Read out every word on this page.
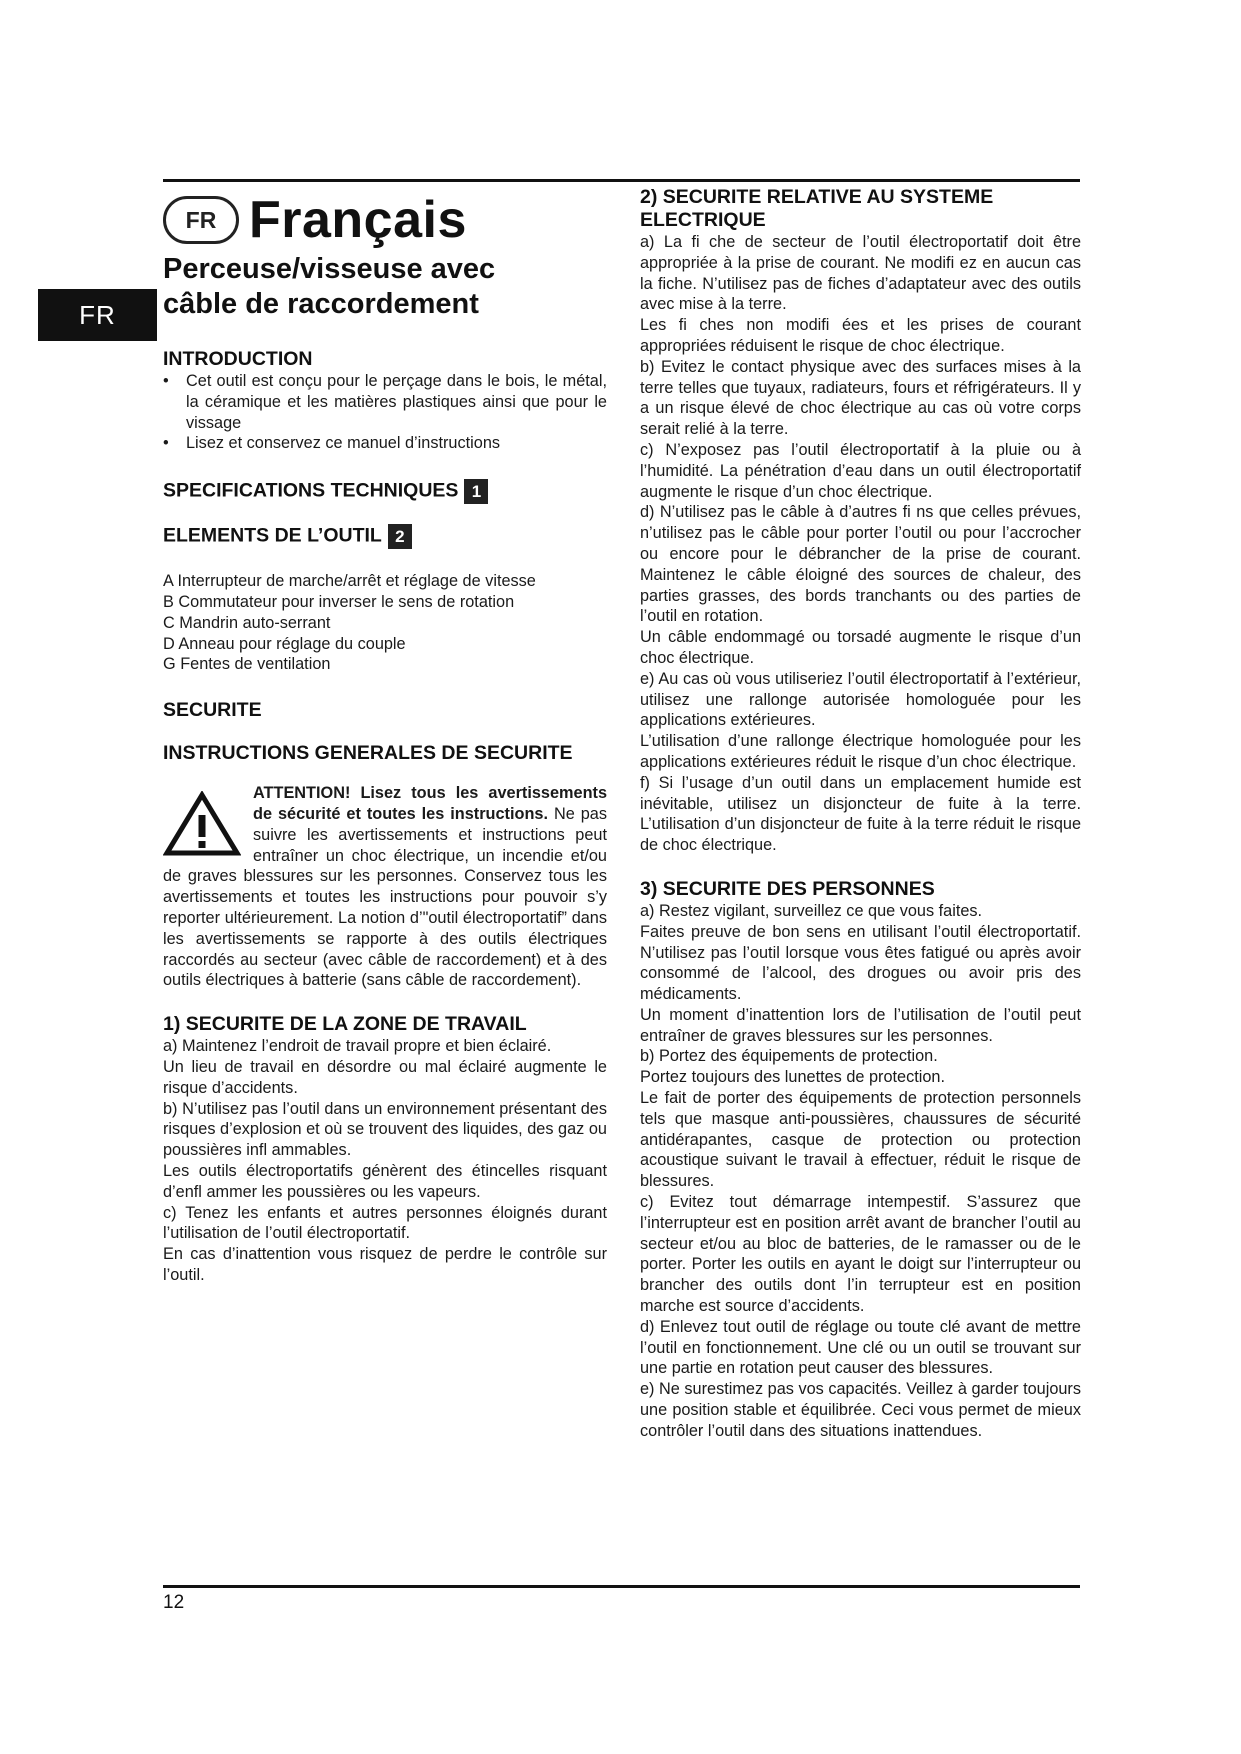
FR
FR Français

Perceuse/visseuse avec

câble de raccordement

INTRODUCTION

• Cet outil est conçu pour le perçage dans le bois, le métal, la céramique et les matières plastiques ainsi que pour le vissage
• Lisez et conservez ce manuel d’instructions

SPECIFICATIONS TECHNIQUES 1

ELEMENTS DE L’OUTIL 2

A Interrupteur de marche/arrêt et réglage de vitesse

B Commutateur pour inverser le sens de rotation

C Mandrin auto-serrant

D Anneau pour réglage du couple

G Fentes de ventilation

SECURITE

INSTRUCTIONS GENERALES DE SECURITE

ATTENTION! Lisez tous les avertissements de sécurité et toutes les instructions. Ne pas suivre les avertissements et instructions peut entraîner un choc électrique, un incendie et/ou de graves blessures sur les personnes. Conservez tous les avertissements et toutes les instructions pour pouvoir s’y reporter ultérieurement. La notion d’"outil électroportatif” dans les avertissements se rapporte à des outils électriques raccordés au secteur (avec câble de raccordement) et à des outils électriques à batterie (sans câble de raccordement).

1) SECURITE DE LA ZONE DE TRAVAIL

a) Maintenez l’endroit de travail propre et bien éclairé.

Un lieu de travail en désordre ou mal éclairé augmente le risque d’accidents.

b) N’utilisez pas l’outil dans un environnement présentant des risques d’explosion et où se trouvent des liquides, des gaz ou poussières infl ammables.

Les outils électroportatifs génèrent des étincelles risquant d’enfl ammer les poussières ou les vapeurs.

c) Tenez les enfants et autres personnes éloignés durant l’utilisation de l’outil électroportatif.

En cas d’inattention vous risquez de perdre le contrôle sur l’outil.

2) SECURITE RELATIVE AU SYSTEME ELECTRIQUE

a) La fi che de secteur de l’outil électroportatif doit être appropriée à la prise de courant. Ne modifi ez en aucun cas la fiche. N’utilisez pas de fiches d’adaptateur avec des outils avec mise à la terre.

Les fi ches non modifi ées et les prises de courant appropriées réduisent le risque de choc électrique.

b) Evitez le contact physique avec des surfaces mises à la terre telles que tuyaux, radiateurs, fours et réfrigérateurs. Il y a un risque élevé de choc électrique au cas où votre corps serait relié à la terre.

c) N’exposez pas l’outil électroportatif à la pluie ou à l’humidité. La pénétration d’eau dans un outil électroportatif augmente le risque d’un choc électrique.

d) N’utilisez pas le câble à d’autres fi ns que celles prévues, n’utilisez pas le câble pour porter l’outil ou pour l’accrocher ou encore pour le débrancher de la prise de courant. Maintenez le câble éloigné des sources de chaleur, des parties grasses, des bords tranchants ou des parties de l’outil en rotation.

Un câble endommagé ou torsadé augmente le risque d’un choc électrique.

e) Au cas où vous utiliseriez l’outil électroportatif à l’extérieur, utilisez une rallonge autorisée homologuée pour les applications extérieures.

L’utilisation d’une rallonge électrique homologuée pour les applications extérieures réduit le risque d’un choc électrique.

f) Si l’usage d’un outil dans un emplacement humide est inévitable, utilisez un disjoncteur de fuite à la terre. L’utilisation d’un disjoncteur de fuite à la terre réduit le risque de choc électrique.

3) SECURITE DES PERSONNES

a) Restez vigilant, surveillez ce que vous faites.

Faites preuve de bon sens en utilisant l’outil électroportatif. N’utilisez pas l’outil lorsque vous êtes fatigué ou après avoir consommé de l’alcool, des drogues ou avoir pris des médicaments.

Un moment d’inattention lors de l’utilisation de l’outil peut entraîner de graves blessures sur les personnes.

b) Portez des équipements de protection.

Portez toujours des lunettes de protection.

Le fait de porter des équipements de protection personnels tels que masque anti-poussières, chaussures de sécurité antidérapantes, casque de protection ou protection acoustique suivant le travail à effectuer, réduit le risque de blessures.

c) Evitez tout démarrage intempestif. S’assurez que l’interrupteur est en position arrêt avant de brancher l’outil au secteur et/ou au bloc de batteries, de le ramasser ou de le porter. Porter les outils en ayant le doigt sur l’interrupteur ou brancher des outils dont l’in terrupteur est en position marche est source d’accidents.

d) Enlevez tout outil de réglage ou toute clé avant de mettre l’outil en fonctionnement. Une clé ou un outil se trouvant sur une partie en rotation peut causer des blessures.

e) Ne surestimez pas vos capacités. Veillez à garder toujours une position stable et équilibrée. Ceci vous permet de mieux contrôler l’outil dans des situations inattendues.

12
